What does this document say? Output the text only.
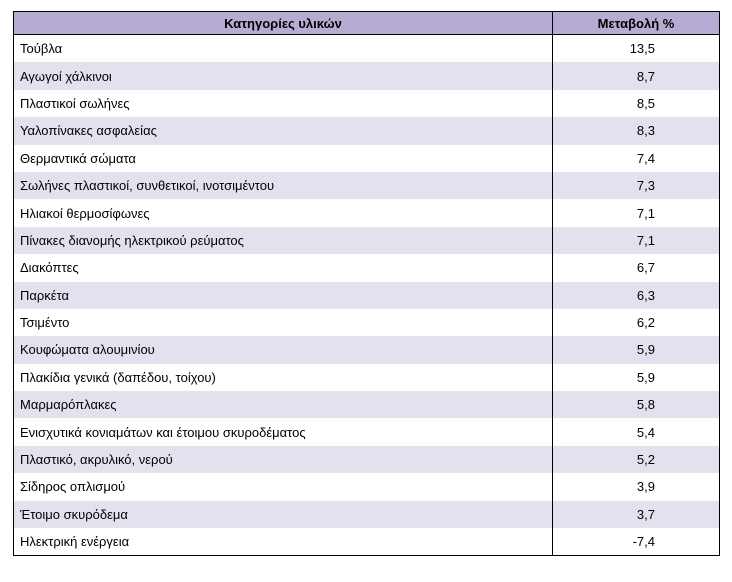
Κατηγορίες υλικών	Μεταβολή %
Τούβλα	13,5
Αγωγοί χάλκινοι	8,7
Πλαστικοί σωλήνες	8,5
Υαλοπίνακες ασφαλείας	8,3
Θερμαντικά σώματα	7,4
Σωλήνες πλαστικοί, συνθετικοί, ινοτσιμέντου	7,3
Ηλιακοί θερμοσίφωνες	7,1
Πίνακες διανομής ηλεκτρικού ρεύματος	7,1
Διακόπτες	6,7
Παρκέτα	6,3
Τσιμέντο	6,2
Κουφώματα αλουμινίου	5,9
Πλακίδια γενικά (δαπέδου, τοίχου)	5,9
Μαρμαρόπλακες	5,8
Ενισχυτικά κονιαμάτων και έτοιμου σκυροδέματος	5,4
Πλαστικό, ακρυλικό, νερού	5,2
Σίδηρος οπλισμού	3,9
Έτοιμο σκυρόδεμα	3,7
Ηλεκτρική ενέργεια	-7,4
